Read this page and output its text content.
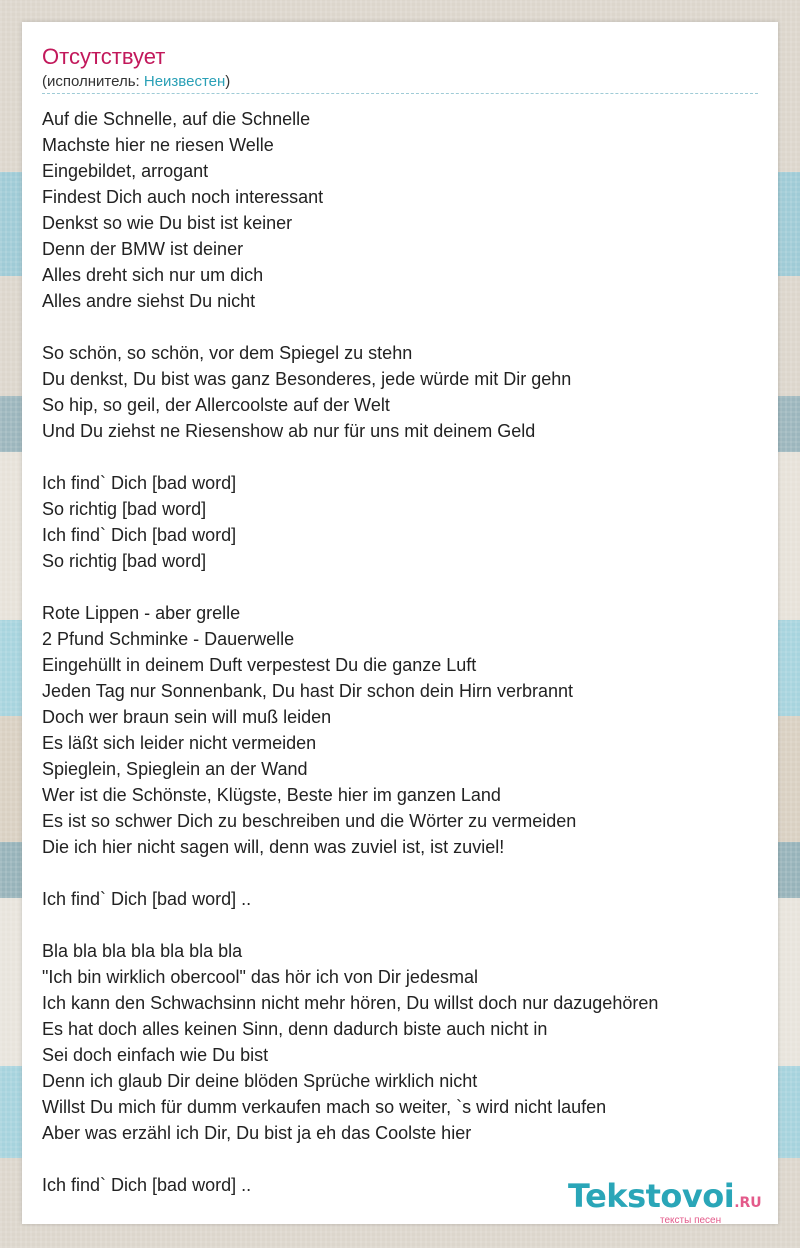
Отсутствует
(исполнитель: Неизвестен)
Auf die Schnelle, auf die Schnelle
Machste hier ne riesen Welle
Eingebildet, arrogant
Findest Dich auch noch interessant
Denkst so wie Du bist ist keiner
Denn der BMW ist deiner
Alles dreht sich nur um dich
Alles andre siehst Du nicht
So schön, so schön, vor dem Spiegel zu stehn
Du denkst, Du bist was ganz Besonderes, jede würde mit Dir gehn
So hip, so geil, der Allercoolste auf der Welt
Und Du ziehst ne Riesenshow ab nur für uns mit deinem Geld
Ich find` Dich [bad word]
So richtig [bad word]
Ich find` Dich [bad word]
So richtig [bad word]
Rote Lippen - aber grelle
2 Pfund Schminke - Dauerwelle
Eingehüllt in deinem Duft verpestest Du die ganze Luft
Jeden Tag nur Sonnenbank, Du hast Dir schon dein Hirn verbrannt
Doch wer braun sein will muß leiden
Es läßt sich leider nicht vermeiden
Spieglein, Spieglein an der Wand
Wer ist die Schönste, Klügste, Beste hier im ganzen Land
Es ist so schwer Dich zu beschreiben und die Wörter zu vermeiden
Die ich hier nicht sagen will, denn was zuviel ist, ist zuviel!
Ich find` Dich [bad word] ..
Bla bla bla bla bla bla bla
"Ich bin wirklich obercool" das hör ich von Dir jedesmal
Ich kann den Schwachsinn nicht mehr hören, Du willst doch nur dazugehören
Es hat doch alles keinen Sinn, denn dadurch biste auch nicht in
Sei doch einfach wie Du bist
Denn ich glaub Dir deine blöden Sprüche wirklich nicht
Willst Du mich für dumm verkaufen mach so weiter, `s wird nicht laufen
Aber was erzähl ich Dir, Du bist ja eh das Coolste hier
Ich find` Dich [bad word] ..	Tekstovoi.RU
тексты песен
